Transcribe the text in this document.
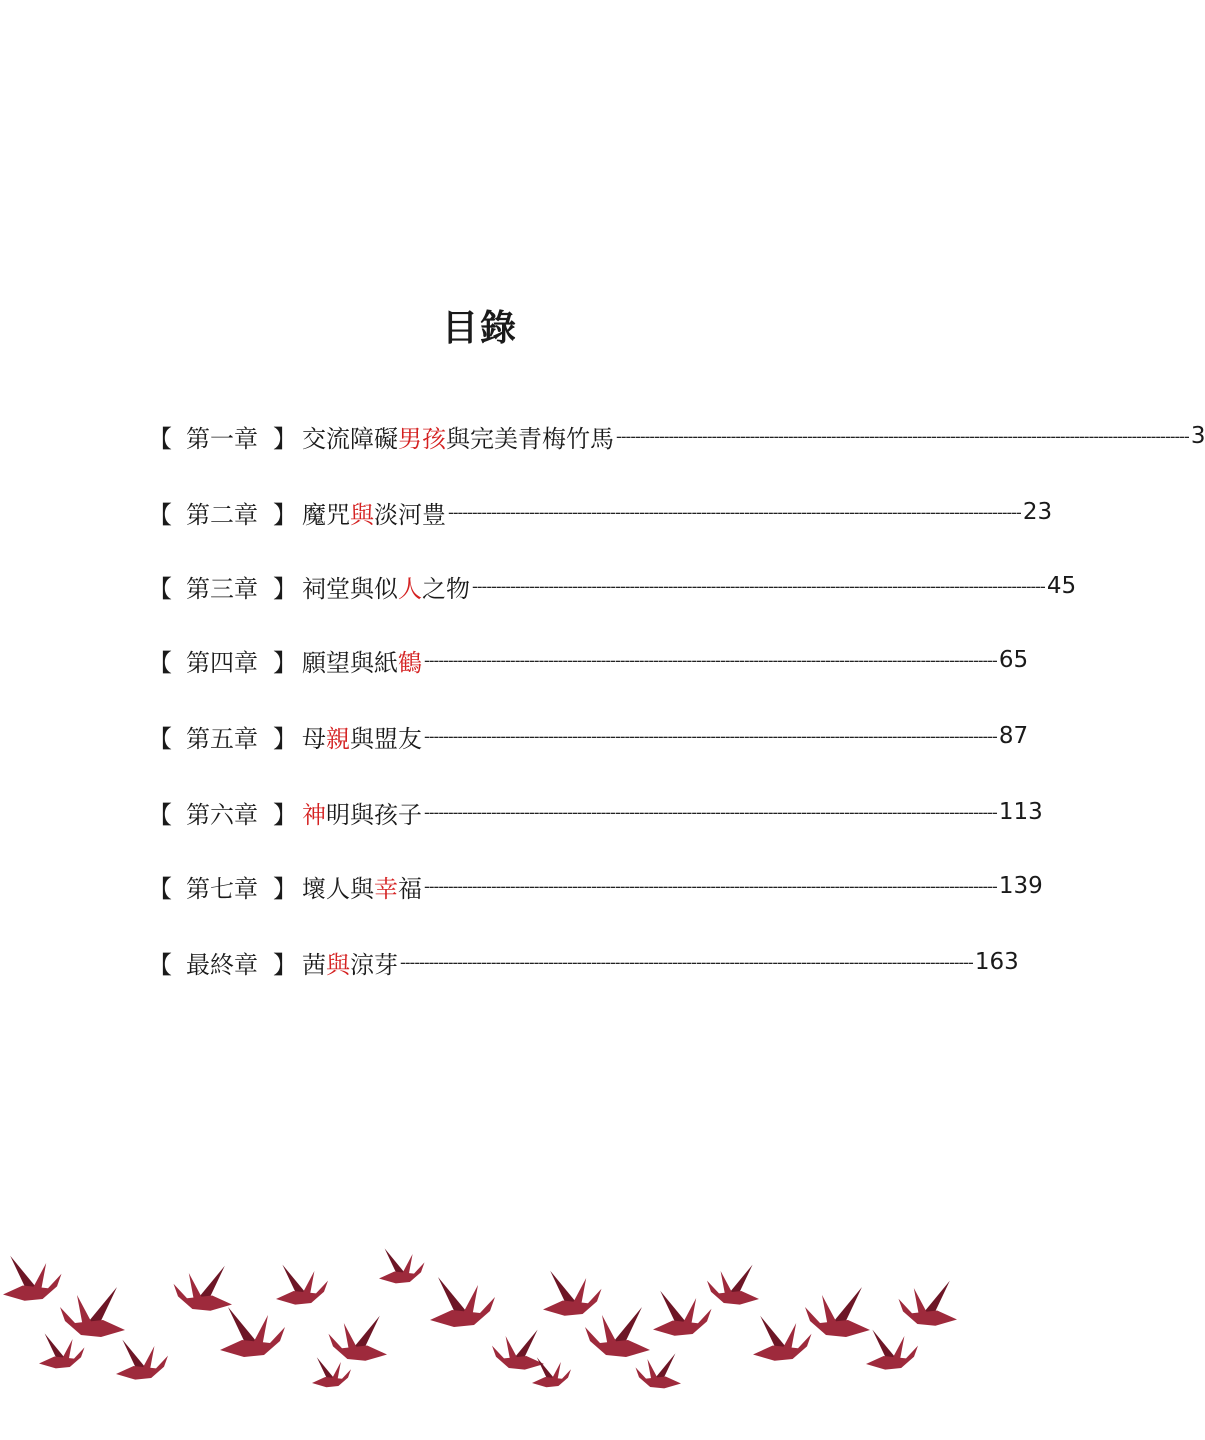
目錄
【 第一章 】 交流障礙男孩與完美青梅竹馬 ------------------------------------------------------------------------------------------------------------------------ 3
【 第二章 】 魔咒與淡河豊 ------------------------------------------------------------------------------------------------------------------------ 23
【 第三章 】 祠堂與似人之物 ------------------------------------------------------------------------------------------------------------------------ 45
【 第四章 】 願望與紙鶴 ------------------------------------------------------------------------------------------------------------------------ 65
【 第五章 】 母親與盟友 ------------------------------------------------------------------------------------------------------------------------ 87
【 第六章 】 神明與孩子 ------------------------------------------------------------------------------------------------------------------------ 113
【 第七章 】 壞人與幸福 ------------------------------------------------------------------------------------------------------------------------ 139
【 最終章 】 茜與涼芽 ------------------------------------------------------------------------------------------------------------------------ 163
